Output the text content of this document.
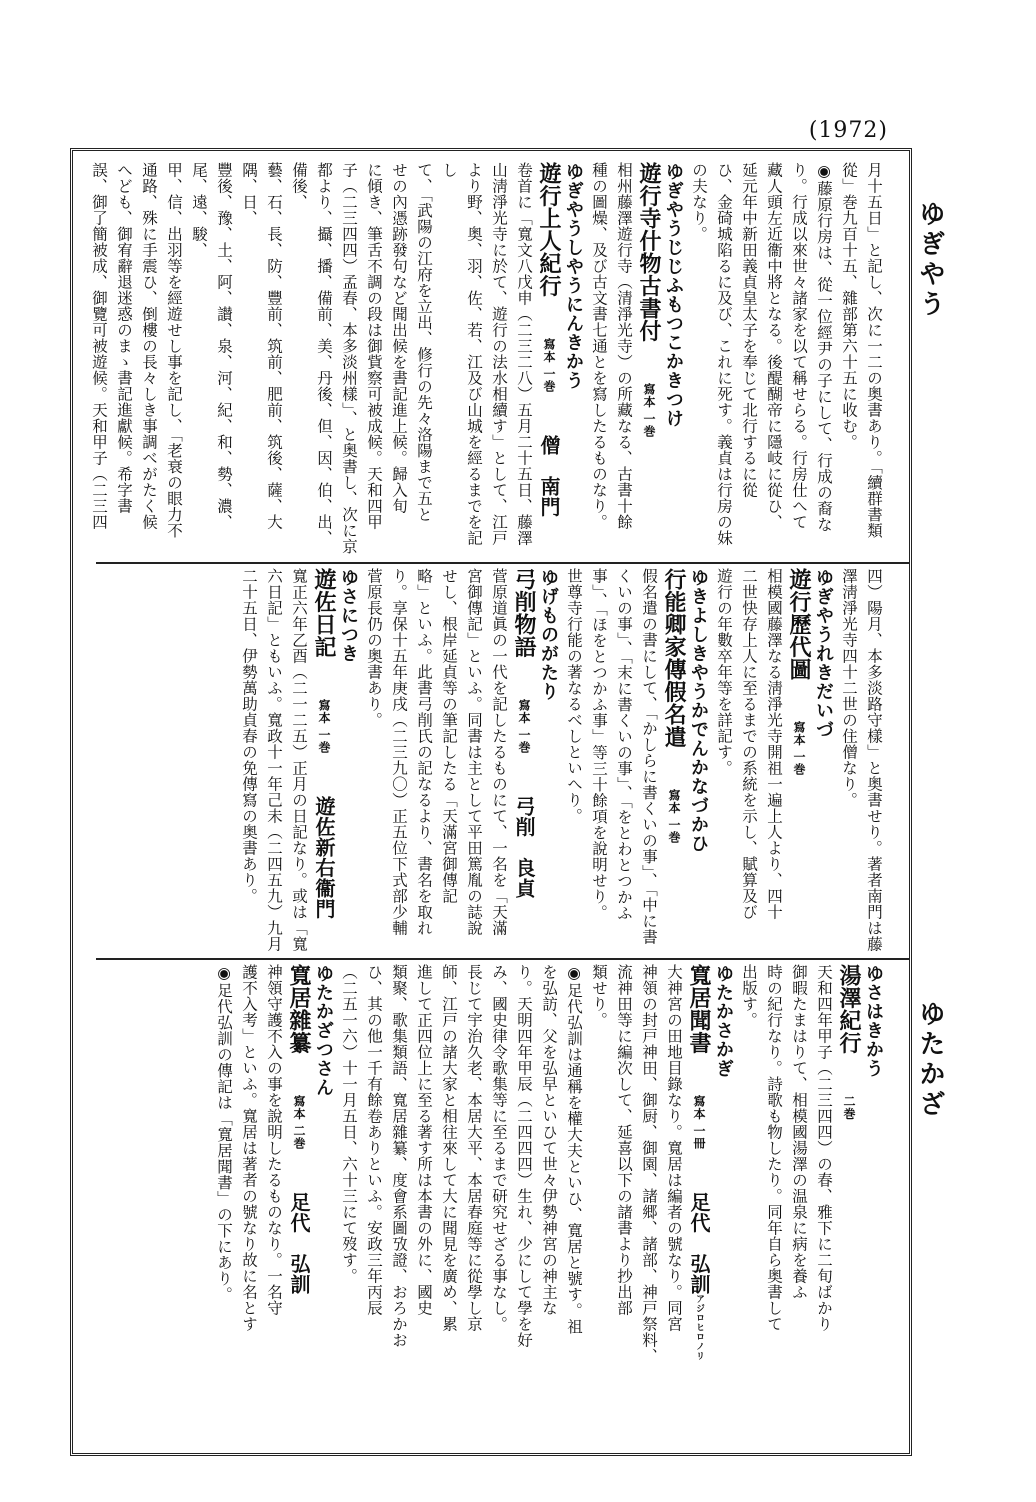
(1972)
ゆぎやう
ゆたかざ

月十五日」と記し、次に一二の奥書あり。「續群書類

從」巻九百十五、雜部第六十五に收む。

◉藤原行房は、從一位經尹の子にして、行成の裔な

り。行成以來世々諸家を以て稱せらる。行房仕へて

藏人頭左近衞中將となる。後醍醐帝に隱岐に從ひ、

延元年中新田義貞皇太子を奉じて北行するに從

ひ、金碕城陷るに及び、これに死す。義貞は行房の妹

の夫なり。

ゆぎやうじじふもつこかきつけ

遊行寺什物古書付　寫本 一巻

相州藤澤遊行寺（清淨光寺）の所藏なる、古書十餘

種の圖燥、及び古文書七通とを寫したるものなり。

ゆぎやうしやうにんきかう

遊行上人紀行　寫本 一巻　僧　南門

卷首に「寬文八戊申（二三二八）五月二十五日、藤澤

山淸淨光寺に於て、遊行の法水相續す」として、江戸

より野、奥、羽、佐、若、江及び山城を經るまでを記し

て、「武陽の江府を立出、修行の先々洛陽まで五と

せの內憑跡發句など聞出候を書記進上候。歸入旬

に傾き、筆舌不調の段は御貲察可被成候。天和四甲

子（二三四四）孟春、本多淡州樣」、と奥書し、次に京

都より、攝、播、備前、美、丹後、但、因、伯、出、備後、

藝、石、長、防、豐前、筑前、肥前、筑後、薩、大隅、日、

豐後、豫、土、阿、讃、泉、河、紀、和、勢、濃、尾、遠、駿、

甲、信、出羽等を經遊せし事を記し、「老衰の眼力不

通路、殊に手震ひ、倒樓の長々しき事調べがたく候

へども、御宥辭退迷惑のまゝ書記進獻候。希字書

誤、御了簡被成、御覽可被遊候。天和甲子（二三四

四）陽月、本多淡路守樣」と奥書せり。著者南門は藤

澤淸淨光寺四十二世の住僧なり。

ゆぎやうれきだいづ

遊行歷代圖　寫本 一巻

相模國藤澤なる淸淨光寺開祖一遍上人より、四十

二世快存上人に至るまでの系統を示し、賦算及び

遊行の年數卒年等を詳記す。

ゆきよしきやうかでんかなづかひ

行能卿家傳假名遣　寫本 一巻

假名遣の書にして、「かしらに書くいの事」、「中に書

くいの事」、「末に書くいの事」、「をとわとつかふ

事」、「ほをとつかふ事」等三十餘項を說明せり。

世尊寺行能の著なるべしといへり。

ゆげものがたり

弓削物語　寫本 一巻　弓削　良貞

菅原道眞の一代を記したるものにて、一名を「天滿

宮御傳記」といふ。同書は主として平田篤胤の誌說

せし、根岸延貞等の筆記したる「天滿宮御傳記

略」といふ。此書弓削氏の記なるより、書名を取れ

り。享保十五年庚戌（二三九〇）正五位下式部少輔

菅原長仍の奥書あり。

ゆさにつき

遊佐日記　寫本 一巻　遊佐新右衞門

寬正六年乙酉（二一二五）正月の日記なり。或は「寬

六日記」ともいふ。寬政十一年己未（二四五九）九月

二十五日、伊勢萬助貞春の免傳寫の奥書あり。

ゆさはきかう

湯澤紀行　二巻

天和四年甲子（二三四四）の春、雅下に二旬ばかり

御暇たまはりて、相模國湯澤の温泉に病を養ふ

時の紀行なり。詩歌も物したり。同年自ら奥書して

出版す。

ゆたかさかぎ

寬居聞書　寫本 一冊　足代　弘訓アジロヒロノリ

大神宮の田地目錄なり。寬居は編者の號なり。同宮

神領の封戸神田、御厨、御園、諸郷、諸部、神戸祭料、

流神田等に編次して、延喜以下の諸書より抄出部

類せり。

◉足代弘訓は通稱を權大夫といひ、寬居と號す。祖

を弘訪、父を弘早といひて世々伊勢神宮の神主な

り。天明四年甲辰（二四四四）生れ、少にして學を好

み、國史律令歌集等に至るまで研究せざる事なし。

長じて宇治久老、本居大平、本居春庭等に從學し京

師、江戸の諸大家と相往來して大に聞見を廣め、累

進して正四位上に至る著す所は本書の外に、國史

類聚、歌集類語、寬居雜纂、度會系圖攷證、おろかお

ひ、其の他一千有餘卷ありといふ。安政三年丙辰

（二五一六）十一月五日、六十三にて歿す。

ゆたかざつさん

寬居雜纂　寫本 二巻　足代　弘訓

神領守護不入の事を說明したるものなり。一名守

護不入考」といふ。寬居は著者の號なり故に名とす

◉足代弘訓の傳記は「寬居聞書」の下にあり。
